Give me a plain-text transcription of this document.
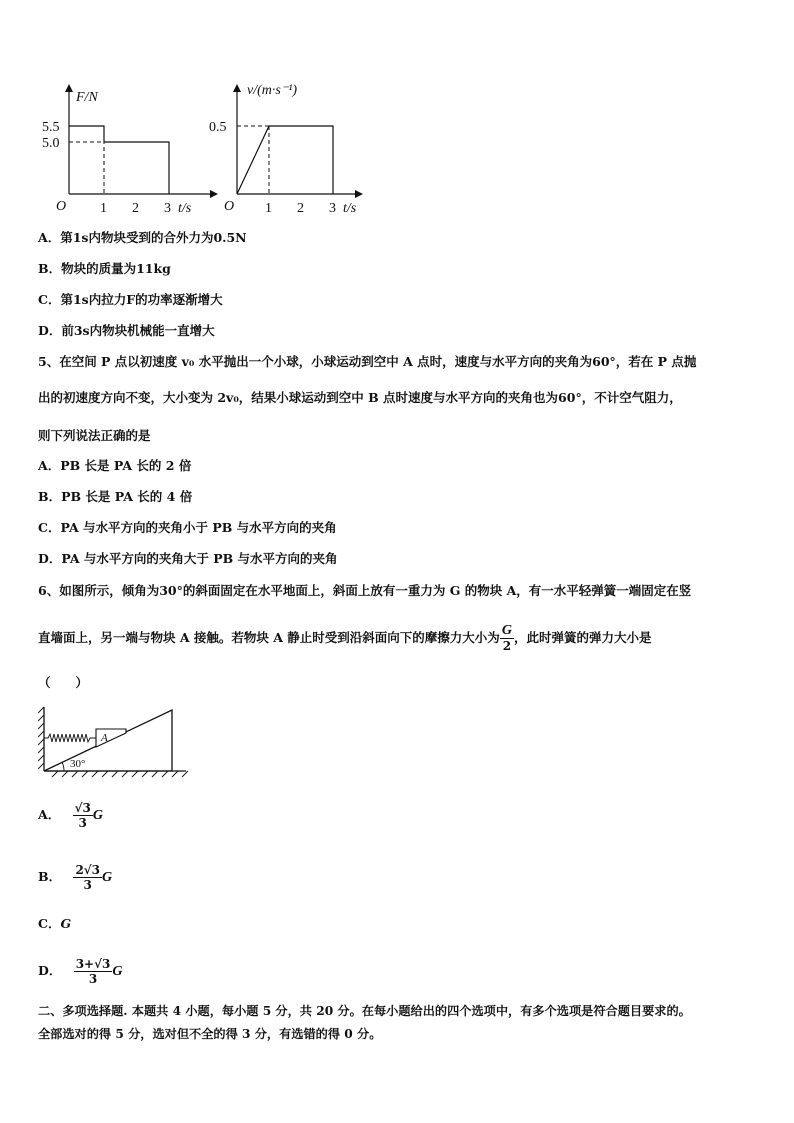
F/N
5.5
5.0
O 1 2 3 t/s
v/(m·s⁻¹)
0.5
O 1 2 3 t/s
A．第1s内物块受到的合外力为0.5N
B．物块的质量为11kg
C．第1s内拉力F的功率逐渐增大
D．前3s内物块机械能一直增大
5、在空间 P 点以初速度 v₀ 水平抛出一个小球，小球运动到空中 A 点时，速度与水平方向的夹角为60°，若在 P 点抛
出的初速度方向不变，大小变为 2v₀，结果小球运动到空中 B 点时速度与水平方向的夹角也为60°，不计空气阻力，
则下列说法正确的是
A．PB 长是 PA 长的 2 倍
B．PB 长是 PA 长的 4 倍
C．PA 与水平方向的夹角小于 PB 与水平方向的夹角
D．PA 与水平方向的夹角大于 PB 与水平方向的夹角
6、如图所示，倾角为30°的斜面固定在水平地面上，斜面上放有一重力为 G 的物块 A，有一水平轻弹簧一端固定在竖
直墙面上，另一端与物块 A 接触。若物块 A 静止时受到沿斜面向下的摩擦力大小为 $\frac{G}{2}$ ，此时弹簧的弹力大小是
（　　）
A
30°
A． $\frac{√3}{3}$ G
B． $\frac{2√3}{3}$ G
C．G
D． $\frac{3+√3}{3}$ G
二、多项选择题. 本题共 4 小题，每小题 5 分，共 20 分。在每小题给出的四个选项中，有多个选项是符合题目要求的。
全部选对的得 5 分，选对但不全的得 3 分，有选错的得 0 分。
